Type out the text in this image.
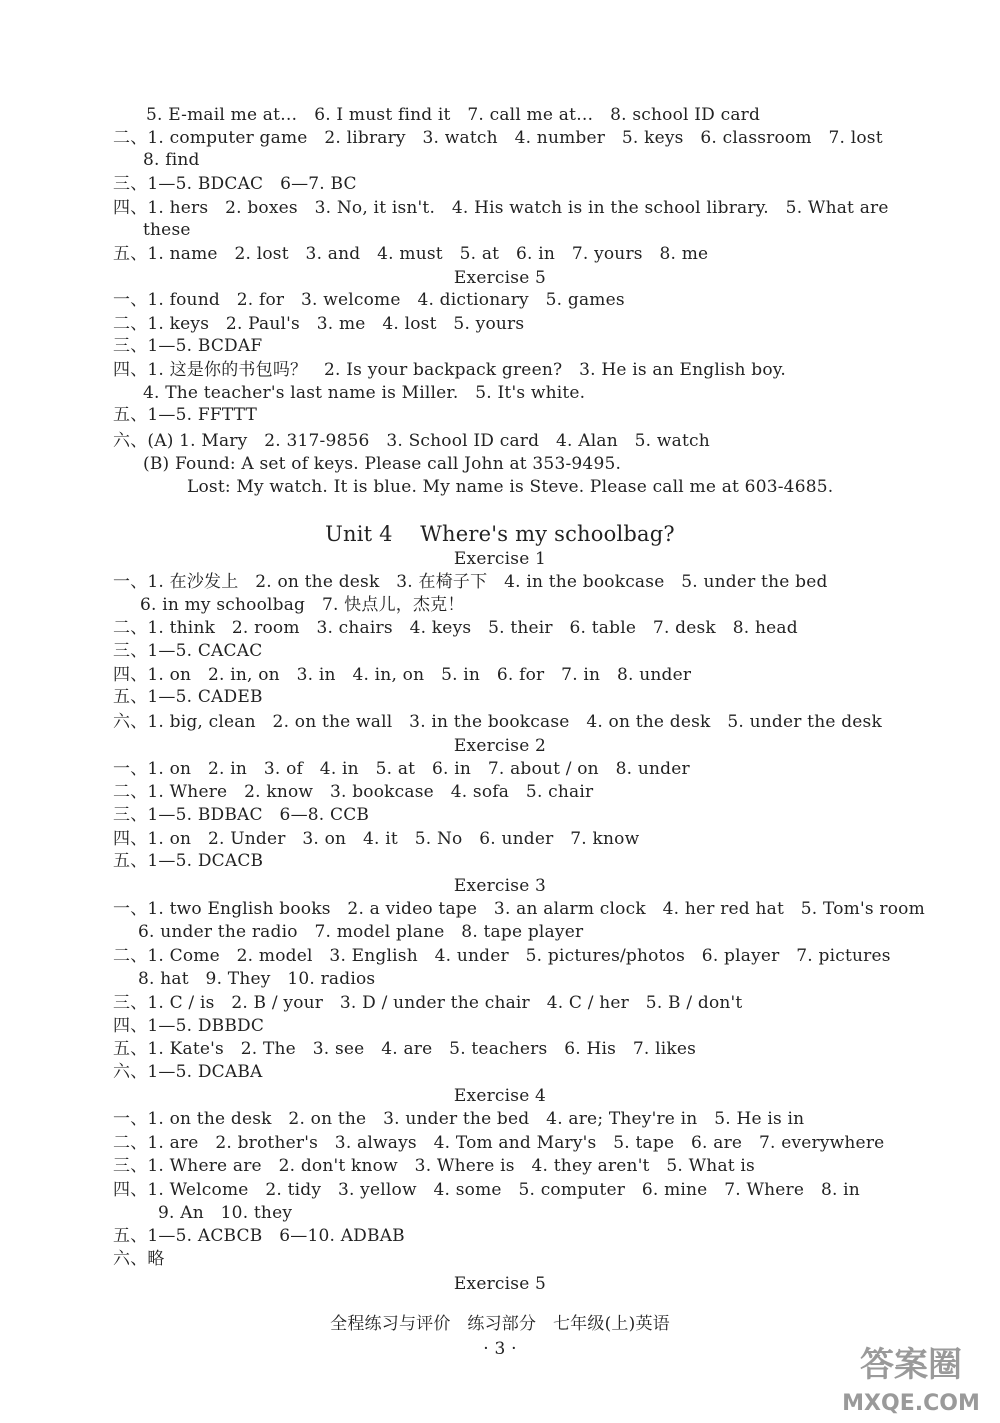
5. E-mail me at…   6. I must find it   7. call me at…   8. school ID card
二、1. computer game   2. library   3. watch   4. number   5. keys   6. classroom   7. lost
8. find
三、1—5. BDCAC   6—7. BC
四、1. hers   2. boxes   3. No, it isn't.   4. His watch is in the school library.   5. What are
these
五、1. name   2. lost   3. and   4. must   5. at   6. in   7. yours   8. me
一、1. found   2. for   3. welcome   4. dictionary   5. games
二、1. keys   2. Paul's   3. me   4. lost   5. yours
三、1—5. BCDAF
四、1. 这是你的书包吗？   2. Is your backpack green?   3. He is an English boy.
4. The teacher's last name is Miller.   5. It's white.
五、1—5. FFTTT
六、(A) 1. Mary   2. 317-9856   3. School ID card   4. Alan   5. watch
(B) Found: A set of keys. Please call John at 353-9495.
Lost: My watch. It is blue. My name is Steve. Please call me at 603-4685.
一、1. 在沙发上   2. on the desk   3. 在椅子下   4. in the bookcase   5. under the bed
6. in my schoolbag   7. 快点儿，杰克！
二、1. think   2. room   3. chairs   4. keys   5. their   6. table   7. desk   8. head
三、1—5. CACAC
四、1. on   2. in, on   3. in   4. in, on   5. in   6. for   7. in   8. under
五、1—5. CADEB
六、1. big, clean   2. on the wall   3. in the bookcase   4. on the desk   5. under the desk
一、1. on   2. in   3. of   4. in   5. at   6. in   7. about / on   8. under
二、1. Where   2. know   3. bookcase   4. sofa   5. chair
三、1—5. BDBAC   6—8. CCB
四、1. on   2. Under   3. on   4. it   5. No   6. under   7. know
五、1—5. DCACB
一、1. two English books   2. a video tape   3. an alarm clock   4. her red hat   5. Tom's room
6. under the radio   7. model plane   8. tape player
二、1. Come   2. model   3. English   4. under   5. pictures/photos   6. player   7. pictures
8. hat   9. They   10. radios
三、1. C / is   2. B / your   3. D / under the chair   4. C / her   5. B / don't
四、1—5. DBBDC
五、1. Kate's   2. The   3. see   4. are   5. teachers   6. His   7. likes
六、1—5. DCABA
一、1. on the desk   2. on the   3. under the bed   4. are; They're in   5. He is in
二、1. are   2. brother's   3. always   4. Tom and Mary's   5. tape   6. are   7. everywhere
三、1. Where are   2. don't know   3. Where is   4. they aren't   5. What is
四、1. Welcome   2. tidy   3. yellow   4. some   5. computer   6. mine   7. Where   8. in
9. An   10. they
五、1—5. ACBCB   6—10. ADBAB
六、略
Exercise 5
Unit 4    Where's my schoolbag?
Exercise 1
Exercise 2
Exercise 3
Exercise 4
Exercise 5
全程练习与评价   练习部分   七年级(上)英语
· 3 ·	答案圈
MXQE.COM
